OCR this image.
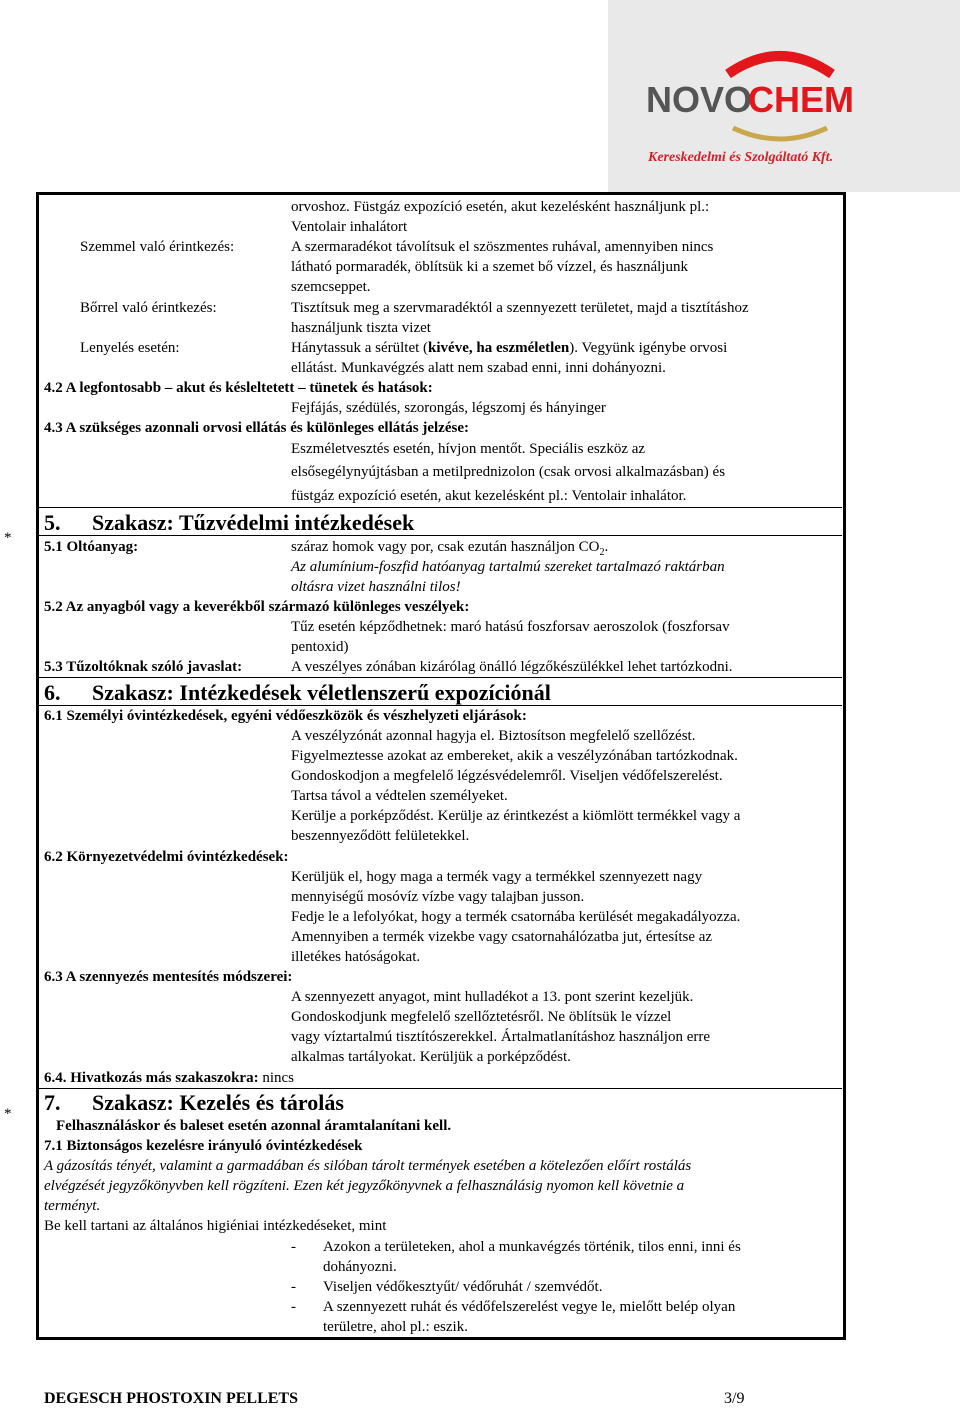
NOVO
CHEM
Kereskedelmi és Szolgáltató Kft.
*
*
orvoshoz. Füstgáz expozíció esetén, akut kezelésként használjunk pl.:
Ventolair inhalátort
Szemmel való érintkezés:	A szermaradékot távolítsuk el szöszmentes ruhával, amennyiben nincs
látható pormaradék, öblítsük ki a szemet bő vízzel, és használjunk
szemcseppet.
Bőrrel való érintkezés:	Tisztítsuk meg a szervmaradéktól a szennyezett területet, majd a tisztításhoz
használjunk tiszta vizet
Lenyelés esetén:	Hánytassuk a sérültet (kivéve, ha eszméletlen). Vegyünk igénybe orvosi
ellátást. Munkavégzés alatt nem szabad enni, inni dohányozni.
4.2 A legfontosabb – akut és késleltetett – tünetek és hatások:
Fejfájás, szédülés, szorongás, légszomj és hányinger
4.3 A szükséges azonnali orvosi ellátás és különleges ellátás jelzése:
Eszméletvesztés esetén, hívjon mentőt. Speciális eszköz az
elsősegélynyújtásban a metilprednizolon (csak orvosi alkalmazásban) és
füstgáz expozíció esetén, akut kezelésként pl.: Ventolair inhalátor.
5. Szakasz: Tűzvédelmi intézkedések
5.1 Oltóanyag:	száraz homok vagy por, csak ezután használjon $CO_2$.
Az alumínium-foszfid hatóanyag tartalmú szereket tartalmazó raktárban
oltásra vizet használni tilos!
5.2 Az anyagból vagy a keverékből származó különleges veszélyek:
Tűz esetén képződhetnek: maró hatású foszforsav aeroszolok (foszforsav
pentoxid)
5.3 Tűzoltóknak szóló javaslat:	A veszélyes zónában kizárólag önálló légzőkészülékkel lehet tartózkodni.
6. Szakasz: Intézkedések véletlenszerű expozíciónál
6.1 Személyi óvintézkedések, egyéni védőeszközök és vészhelyzeti eljárások:
A veszélyzónát azonnal hagyja el. Biztosítson megfelelő szellőzést.
Figyelmeztesse azokat az embereket, akik a veszélyzónában tartózkodnak.
Gondoskodjon a megfelelő légzésvédelemről. Viseljen védőfelszerelést.
Tartsa távol a védtelen személyeket.
Kerülje a porképződést. Kerülje az érintkezést a kiömlött termékkel vagy a
beszennyeződött felületekkel.
6.2 Környezetvédelmi óvintézkedések:
Kerüljük el, hogy maga a termék vagy a termékkel szennyezett nagy
mennyiségű mosóvíz vízbe vagy talajban jusson.
Fedje le a lefolyókat, hogy a termék csatornába kerülését megakadályozza.
Amennyiben a termék vizekbe vagy csatornahálózatba jut, értesítse az
illetékes hatóságokat.
6.3 A szennyezés mentesítés módszerei:
A szennyezett anyagot, mint hulladékot a 13. pont szerint kezeljük.
Gondoskodjunk megfelelő szellőztetésről. Ne öblítsük le vízzel
vagy víztartalmú tisztítószerekkel. Ártalmatlanításhoz használjon erre
alkalmas tartályokat. Kerüljük a porképződést.
6.4. Hivatkozás más szakaszokra: nincs
7. Szakasz: Kezelés és tárolás
Felhasználáskor és baleset esetén azonnal áramtalanítani kell.
7.1 Biztonságos kezelésre irányuló óvintézkedések
A gázosítás tényét, valamint a garmadában és silóban tárolt termények esetében a kötelezően előírt rostálás
elvégzését jegyzőkönyvben kell rögzíteni. Ezen két jegyzőkönyvnek a felhasználásig nyomon kell követnie a
terményt.
Be kell tartani az általános higiéniai intézkedéseket, mint
- Azokon a területeken, ahol a munkavégzés történik, tilos enni, inni és
dohányozni.
- Viseljen védőkesztyűt/ védőruhát / szemvédőt.
- A szennyezett ruhát és védőfelszerelést vegye le, mielőtt belép olyan
területre, ahol pl.: eszik.
DEGESCH PHOSTOXIN PELLETS	3/9
